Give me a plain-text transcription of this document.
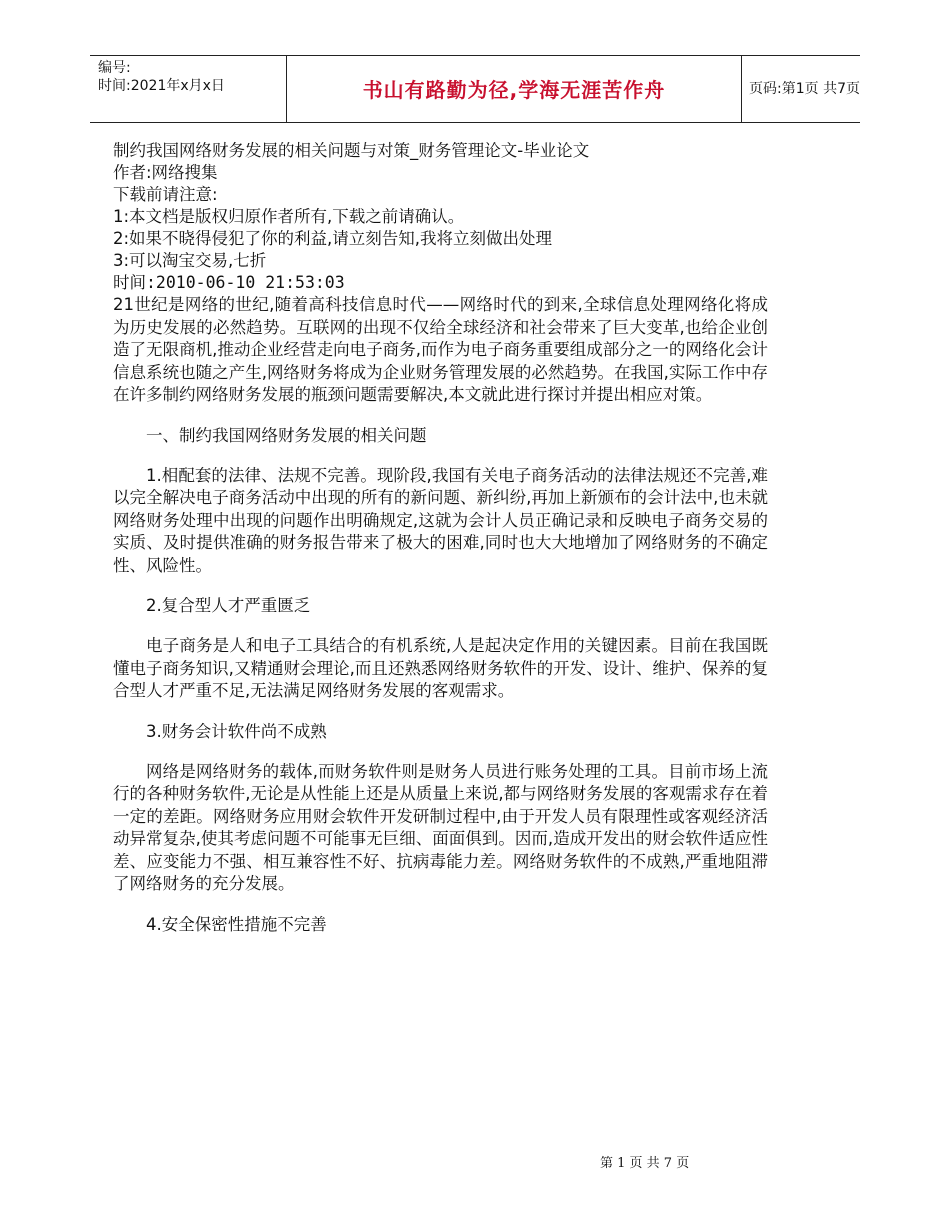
编号:
时间:2021年x月x日	书山有路勤为径,学海无涯苦作舟	页码:第1页 共7页
制约我国网络财务发展的相关问题与对策_财务管理论文-毕业论文
作者:网络搜集
下载前请注意:
1:本文档是版权归原作者所有,下载之前请确认。
2:如果不晓得侵犯了你的利益,请立刻告知,我将立刻做出处理
3:可以淘宝交易,七折
时间:2010-06-10 21:53:03

21世纪是网络的世纪,随着高科技信息时代——网络时代的到来,全球信息处理网络化将成为历史发展的必然趋势。互联网的出现不仅给全球经济和社会带来了巨大变革,也给企业创造了无限商机,推动企业经营走向电子商务,而作为电子商务重要组成部分之一的网络化会计信息系统也随之产生,网络财务将成为企业财务管理发展的必然趋势。在我国,实际工作中存在许多制约网络财务发展的瓶颈问题需要解决,本文就此进行探讨并提出相应对策。

一、制约我国网络财务发展的相关问题

1.相配套的法律、法规不完善。现阶段,我国有关电子商务活动的法律法规还不完善,难以完全解决电子商务活动中出现的所有的新问题、新纠纷,再加上新颁布的会计法中,也未就网络财务处理中出现的问题作出明确规定,这就为会计人员正确记录和反映电子商务交易的实质、及时提供准确的财务报告带来了极大的困难,同时也大大地增加了网络财务的不确定性、风险性。

2.复合型人才严重匮乏

电子商务是人和电子工具结合的有机系统,人是起决定作用的关键因素。目前在我国既懂电子商务知识,又精通财会理论,而且还熟悉网络财务软件的开发、设计、维护、保养的复合型人才严重不足,无法满足网络财务发展的客观需求。

3.财务会计软件尚不成熟

网络是网络财务的载体,而财务软件则是财务人员进行账务处理的工具。目前市场上流行的各种财务软件,无论是从性能上还是从质量上来说,都与网络财务发展的客观需求存在着一定的差距。网络财务应用财会软件开发研制过程中,由于开发人员有限理性或客观经济活动异常复杂,使其考虑问题不可能事无巨细、面面俱到。因而,造成开发出的财会软件适应性差、应变能力不强、相互兼容性不好、抗病毒能力差。网络财务软件的不成熟,严重地阻滞了网络财务的充分发展。

4.安全保密性措施不完善
第 1 页 共 7 页
